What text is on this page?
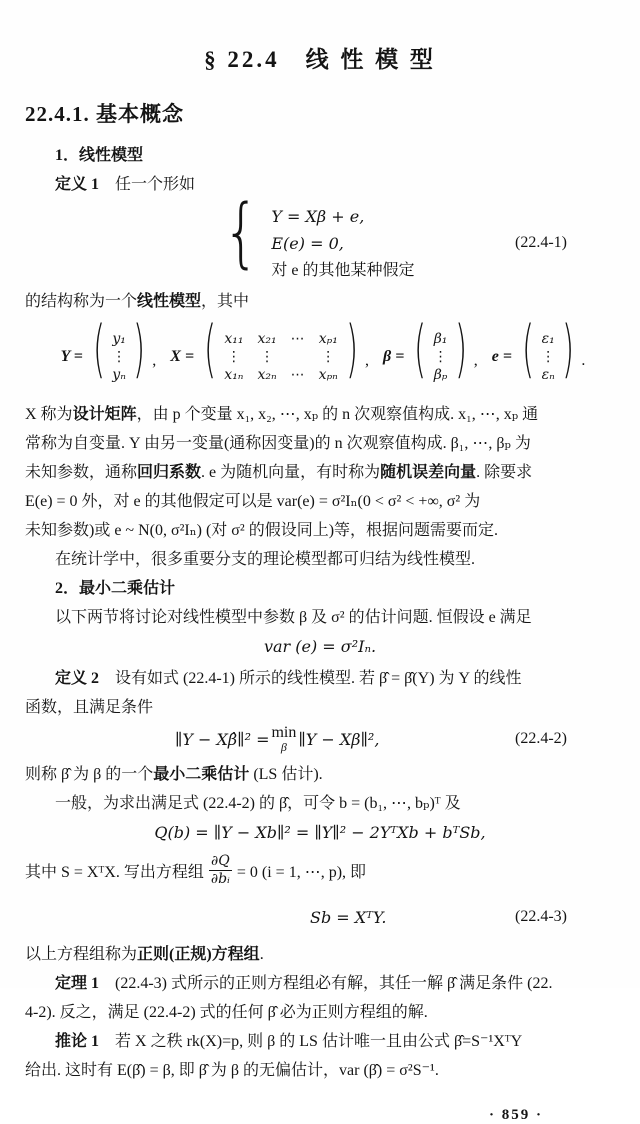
§ 22.4　线 性 模 型
22.4.1. 基本概念
1．线性模型
定义 1　任一个形如
{
Y = Xβ + e,
E(e) = 0,
对 e 的其他某种假定
(22.4-1)
的结构称为一个线性模型，其中
Y =
(
y₁
⋮
yₙ
)
, X =
(
x₁₁ x₂₁ ⋯ xₚ₁
⋮ ⋮	⋮
x₁ₙ x₂ₙ ⋯ xₚₙ
)
, β =
(
β₁
⋮
βₚ
)
, e =
(
ε₁
⋮
εₙ
)
.
X 称为设计矩阵，由 p 个变量 x₁, x₂, ⋯, xₚ 的 n 次观察值构成. x₁, ⋯, xₚ 通
常称为自变量. Y 由另一变量(通称因变量)的 n 次观察值构成. β₁, ⋯, βₚ 为
未知参数，通称回归系数. e 为随机向量，有时称为随机误差向量. 除要求
E(e) = 0 外，对 e 的其他假定可以是 var(e) = σ²Iₙ(0 < σ² < +∞, σ² 为
未知参数)或 e ~ N(0, σ²Iₙ) (对 σ² 的假设同上)等，根据问题需要而定.
在统计学中，很多重要分支的理论模型都可归结为线性模型.
2．最小二乘估计
以下两节将讨论对线性模型中参数 β 及 σ² 的估计问题. 恒假设 e 满足
var (e) = σ²Iₙ.
定义 2　设有如式 (22.4-1) 所示的线性模型. 若 β̂ = β̂(Y) 为 Y 的线性
函数，且满足条件
∥Y − Xβ̂∥² = min
β ∥Y − Xβ∥²,	(22.4-2)
则称 β̂ 为 β 的一个最小二乘估计 (LS 估计).
一般，为求出满足式 (22.4-2) 的 β̂，可令 b = (b₁, ⋯, bₚ)ᵀ 及
Q(b) = ∥Y − Xb∥² = ∥Y∥² − 2YᵀXb + bᵀSb,
其中 S = XᵀX. 写出方程组 $\frac{\partial Q}{\text{∂bᵢ}} = 0$ (i = 1, ⋯, p), 即
Sb = XᵀY.	(22.4-3)
以上方程组称为正则(正规)方程组.
定理 1　(22.4-3) 式所示的正则方程组必有解，其任一解 β̂ 满足条件 (22.
4-2). 反之，满足 (22.4-2) 式的任何 β̂ 必为正则方程组的解.
推论 1　若 X 之秩 rk(X)=p, 则 β 的 LS 估计唯一且由公式 β̂=S⁻¹XᵀY
给出. 这时有 E(β̂) = β, 即 β̂ 为 β 的无偏估计，var (β̂) = σ²S⁻¹.
· 859 ·
